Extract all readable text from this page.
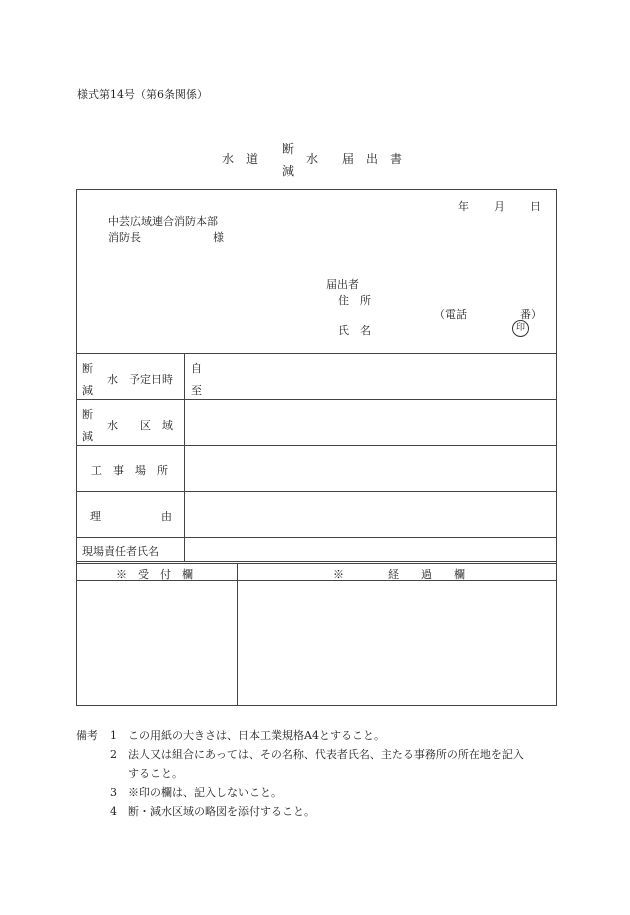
様式第14号（第6条関係）
水　道
断
減
水　　届　出　書
年 月 日
中芸広域連合消防本部
消防長	様
届出者
住　所
（電話	番）
氏　名	印
断
減
水　予定日時
自
至
断
減
水　　区　域
工　事　場　所
理	由
現場責任者氏名
※　受　付　欄	※　　　　経　　過　　欄
備考	1	この用紙の大きさは、日本工業規格A4とすること。
2	法人又は組合にあっては、その名称、代表者氏名、主たる事務所の所在地を記入
すること。
3	※印の欄は、記入しないこと。
4	断・減水区域の略図を添付すること。
